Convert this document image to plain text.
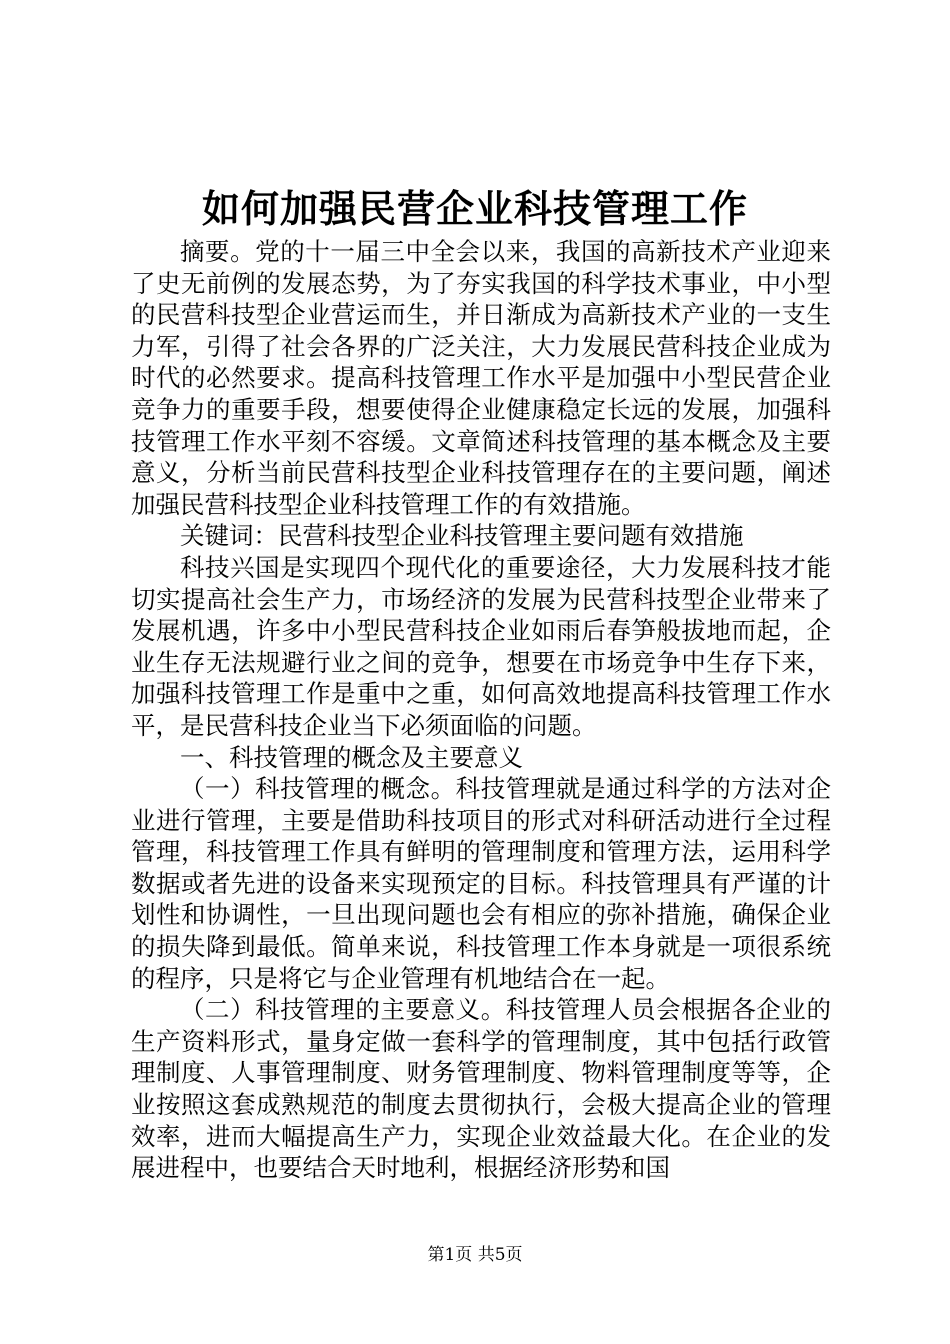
如何加强民营企业科技管理工作

摘要。党的十一届三中全会以来，我国的高新技术产业迎来了史无前例的发展态势，为了夯实我国的科学技术事业，中小型的民营科技型企业营运而生，并日渐成为高新技术产业的一支生力军，引得了社会各界的广泛关注，大力发展民营科技企业成为时代的必然要求。提高科技管理工作水平是加强中小型民营企业竞争力的重要手段，想要使得企业健康稳定长远的发展，加强科技管理工作水平刻不容缓。文章简述科技管理的基本概念及主要意义，分析当前民营科技型企业科技管理存在的主要问题，阐述加强民营科技型企业科技管理工作的有效措施。

关键词：民营科技型企业科技管理主要问题有效措施

科技兴国是实现四个现代化的重要途径，大力发展科技才能切实提高社会生产力，市场经济的发展为民营科技型企业带来了发展机遇，许多中小型民营科技企业如雨后春笋般拔地而起，企业生存无法规避行业之间的竞争，想要在市场竞争中生存下来，加强科技管理工作是重中之重，如何高效地提高科技管理工作水平，是民营科技企业当下必须面临的问题。

一、科技管理的概念及主要意义

（一）科技管理的概念。科技管理就是通过科学的方法对企业进行管理，主要是借助科技项目的形式对科研活动进行全过程管理，科技管理工作具有鲜明的管理制度和管理方法，运用科学数据或者先进的设备来实现预定的目标。科技管理具有严谨的计划性和协调性，一旦出现问题也会有相应的弥补措施，确保企业的损失降到最低。简单来说，科技管理工作本身就是一项很系统的程序，只是将它与企业管理有机地结合在一起。

（二）科技管理的主要意义。科技管理人员会根据各企业的生产资料形式，量身定做一套科学的管理制度，其中包括行政管理制度、人事管理制度、财务管理制度、物料管理制度等等，企业按照这套成熟规范的制度去贯彻执行，会极大提高企业的管理效率，进而大幅提高生产力，实现企业效益最大化。在企业的发展进程中，也要结合天时地利，根据经济形势和国

第1页 共5页
